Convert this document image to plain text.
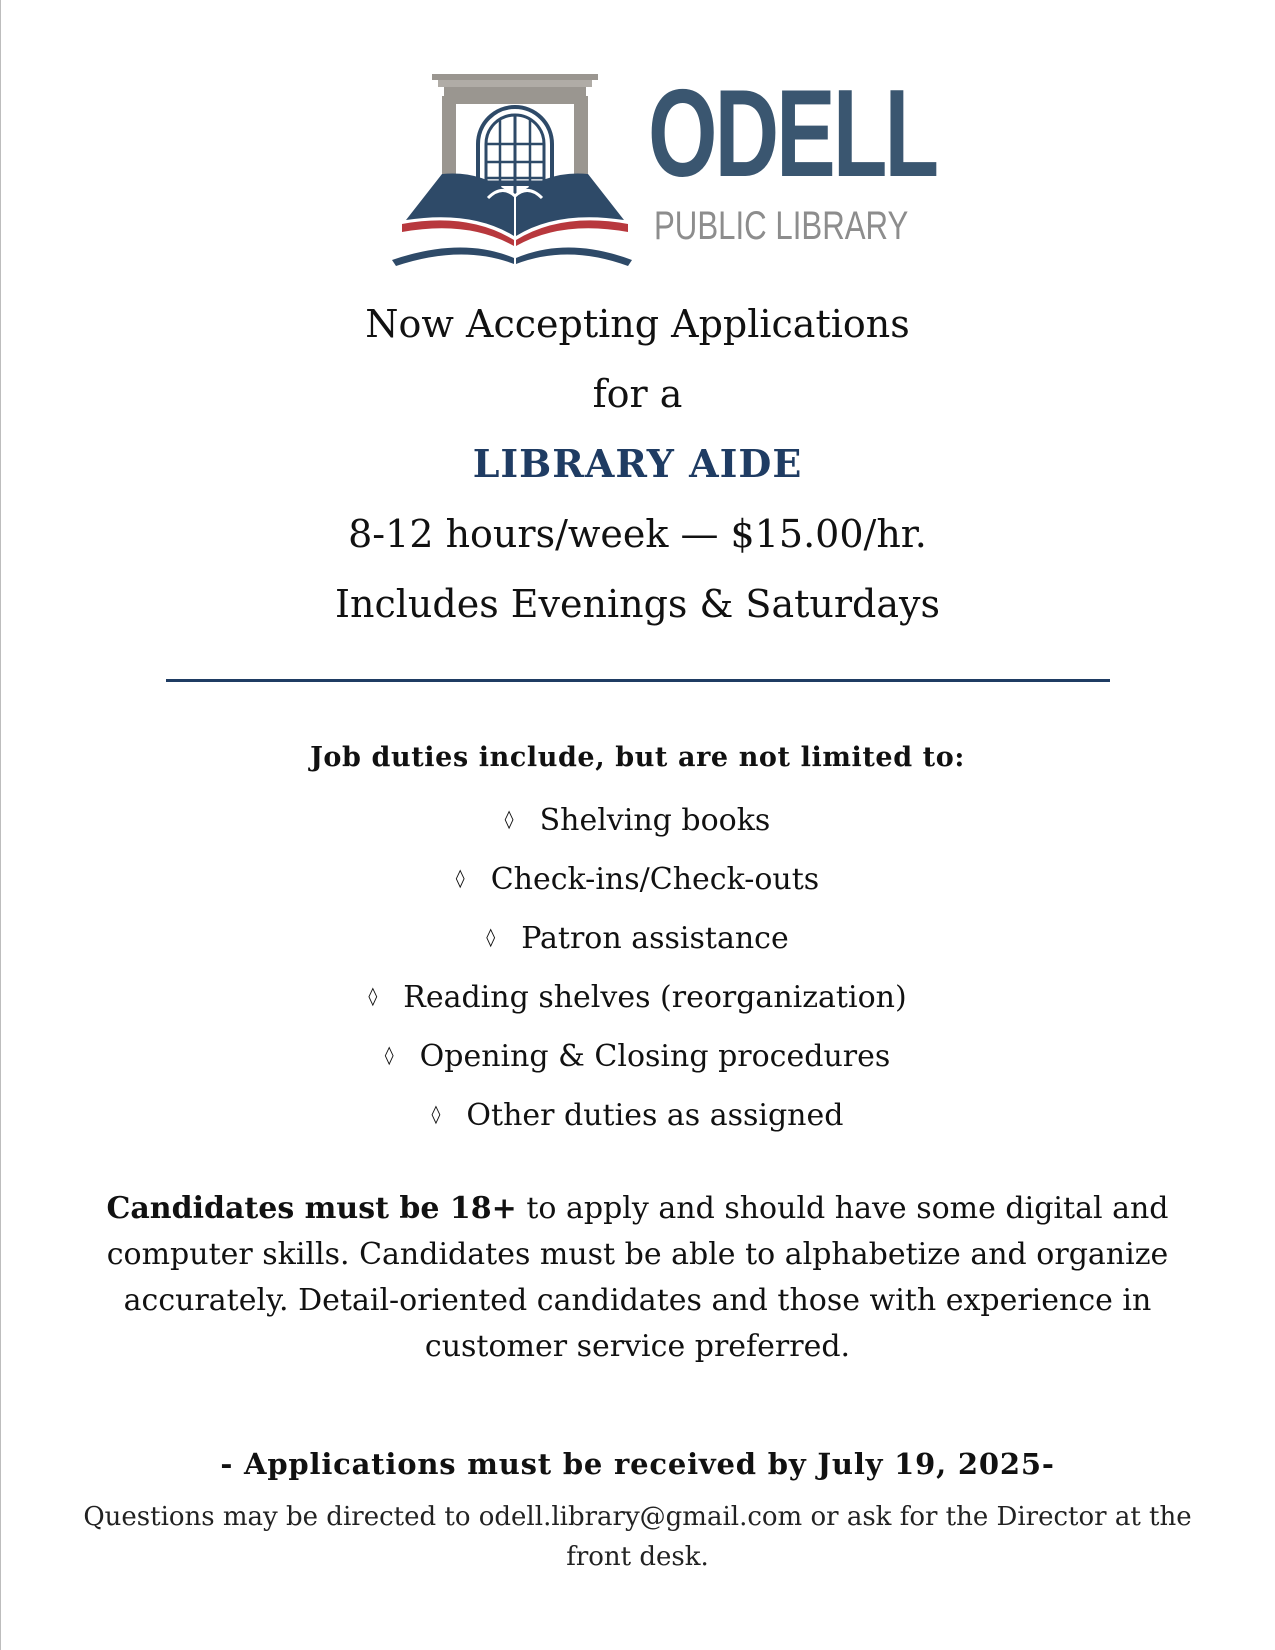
ODELL
PUBLIC LIBRARY
Now Accepting Applications
for a
LIBRARY AIDE
8-12 hours/week — $15.00/hr.
Includes Evenings & Saturdays
Job duties include, but are not limited to:
◊ Shelving books
◊ Check-ins/Check-outs
◊ Patron assistance
◊ Reading shelves (reorganization)
◊ Opening & Closing procedures
◊ Other duties as assigned
Candidates must be 18+ to apply and should have some digital and computer skills. Candidates must be able to alphabetize and organize accurately. Detail-oriented candidates and those with experience in customer service preferred.
- Applications must be received by July 19, 2025-
Questions may be directed to odell.library@gmail.com or ask for the Director at the front desk.
